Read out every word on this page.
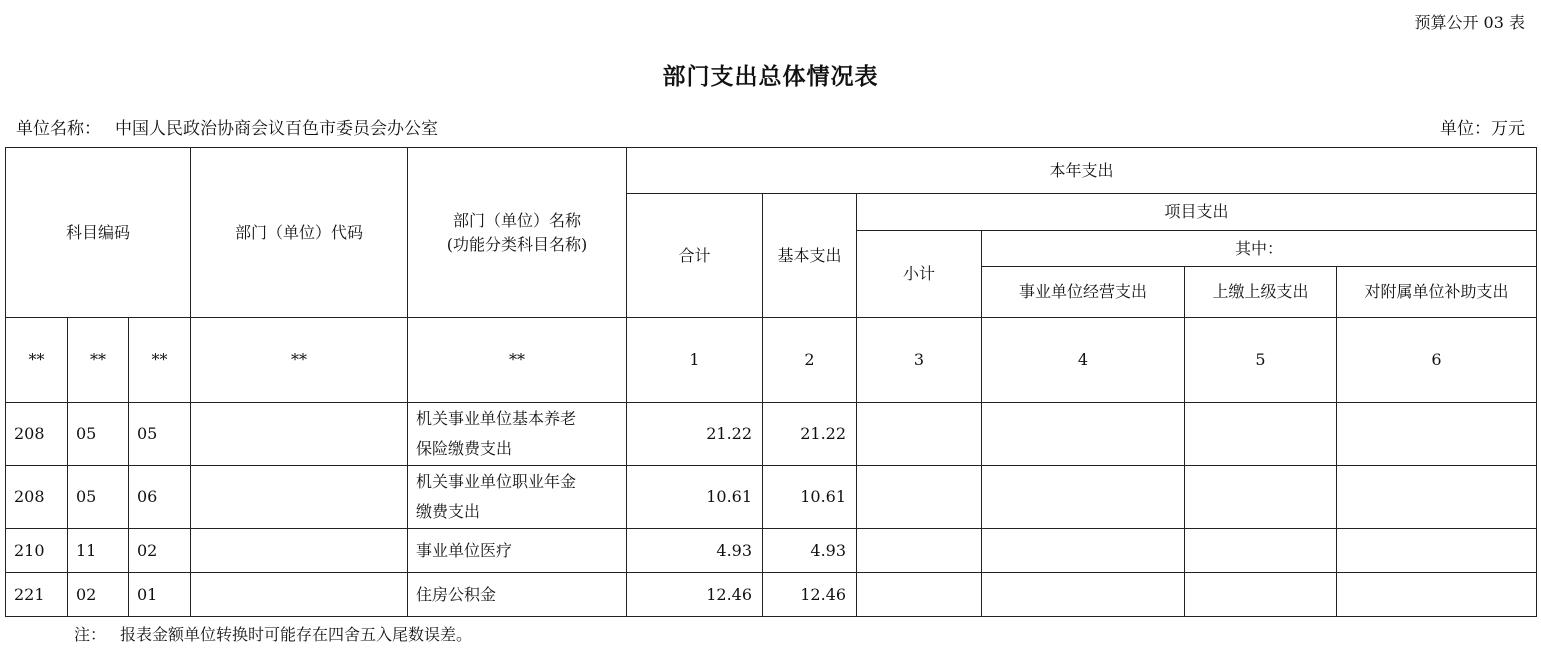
预算公开 03 表
部门支出总体情况表
单位名称： 中国人民政治协商会议百色市委员会办公室	单位：万元
科目编码			部门（单位）代码	部门（单位）名称
(功能分类科目名称)	本年支出					
					合计	基本支出	项目支出			
							小计	其中：		
								事业单位经营支出	上缴上级支出	对附属单位补助支出
**	**	**	**	**	1	2	3	4	5	6
208	05	05		机关事业单位基本养老
保险缴费支出	21.22	21.22				
208	05	06		机关事业单位职业年金
缴费支出	10.61	10.61				
210	11	02		事业单位医疗	4.93	4.93				
221	02	01		住房公积金	12.46	12.46				
注： 报表金额单位转换时可能存在四舍五入尾数误差。
